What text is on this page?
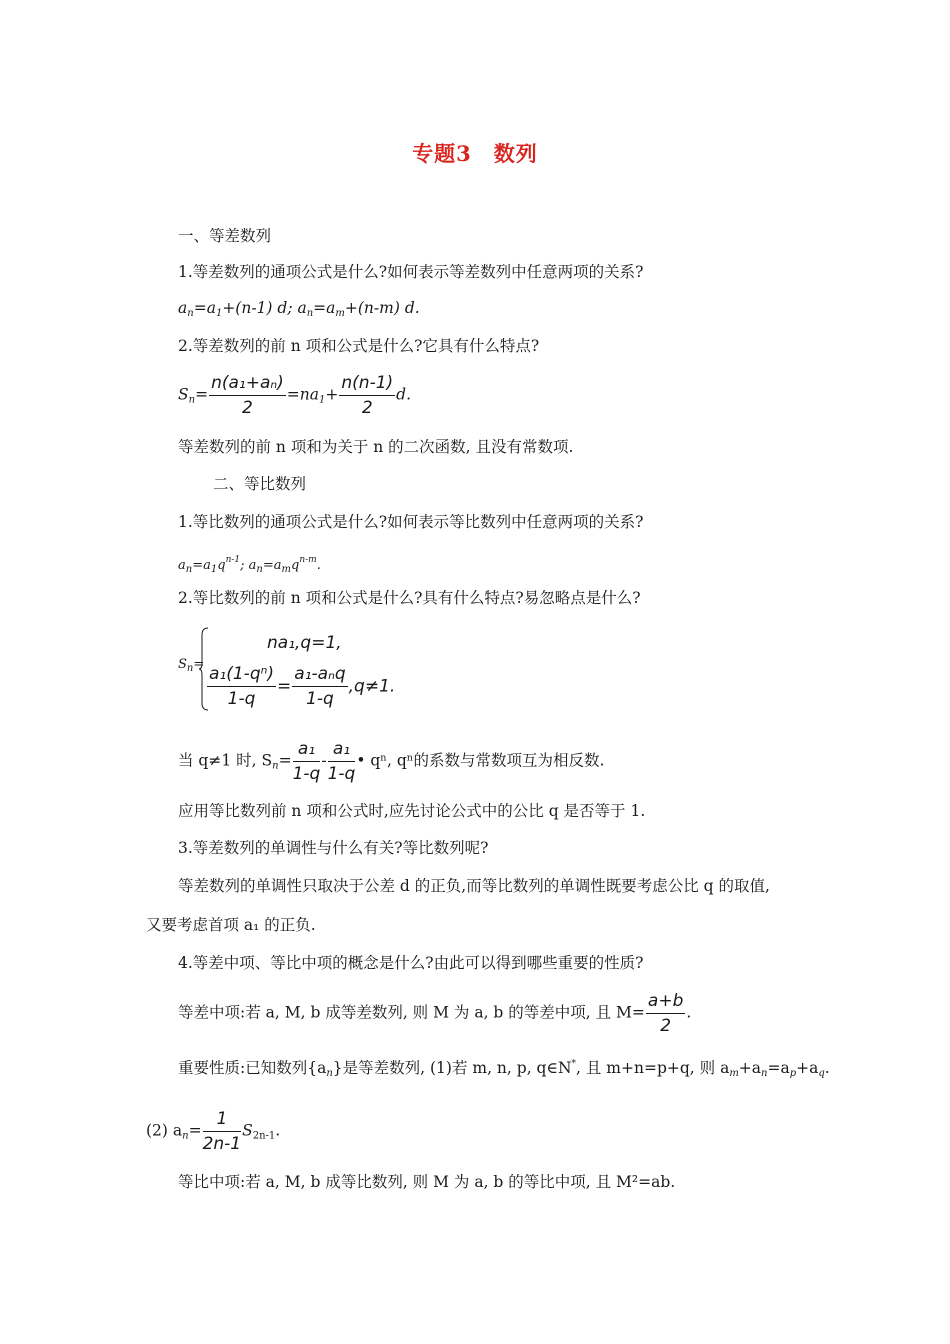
专题3　数列
一、等差数列
1.等差数列的通项公式是什么?如何表示等差数列中任意两项的关系?
an=a1+(n-1) d; an=am+(n-m) d.
2.等差数列的前 n 项和公式是什么?它具有什么特点?
$Sn= \frac{\text{n(a₁+aₙ)}}{2} =na1+ \frac{n(n-1)}{2} d$.
等差数列的前 n 项和为关于 n 的二次函数, 且没有常数项.
二、等比数列
1.等比数列的通项公式是什么?如何表示等比数列中任意两项的关系?
$a_n=a_1q^{n-1}$; $a_n=a_mq^{n-m}$.
2.等比数列的前 n 项和公式是什么?具有什么特点?易忽略点是什么?
$S_n=$
na₁,q=1,
$\frac{\text{a₁(1-qⁿ)}}{1-q} = \frac{\text{a₁-aₙq}}{1-q} ,q\ne 1$.
当 q≠1 时, $Sn= \frac{\text{a₁}}{1-q} - \frac{\text{a₁}}{1-q}$ • qⁿ, qⁿ的系数与常数项互为相反数.
应用等比数列前 n 项和公式时,应先讨论公式中的公比 q 是否等于 1.
3.等差数列的单调性与什么有关?等比数列呢?
等差数列的单调性只取决于公差 d 的正负,而等比数列的单调性既要考虑公比 q 的取值,
又要考虑首项 a₁ 的正负.
4.等差中项、等比中项的概念是什么?由此可以得到哪些重要的性质?
等差中项:若 a, M, b 成等差数列, 则 M 为 a, b 的等差中项, 且 $M= \frac{a+b}{2}$ .
重要性质:已知数列{an}是等差数列, (1)若 m, n, p, q∈N*, 且 m+n=p+q, 则 am+an=ap+aq.
(2) $an= \frac{1}{2n-1} S2n-1$.
等比中项:若 a, M, b 成等比数列, 则 M 为 a, b 的等比中项, 且 M²=ab.
